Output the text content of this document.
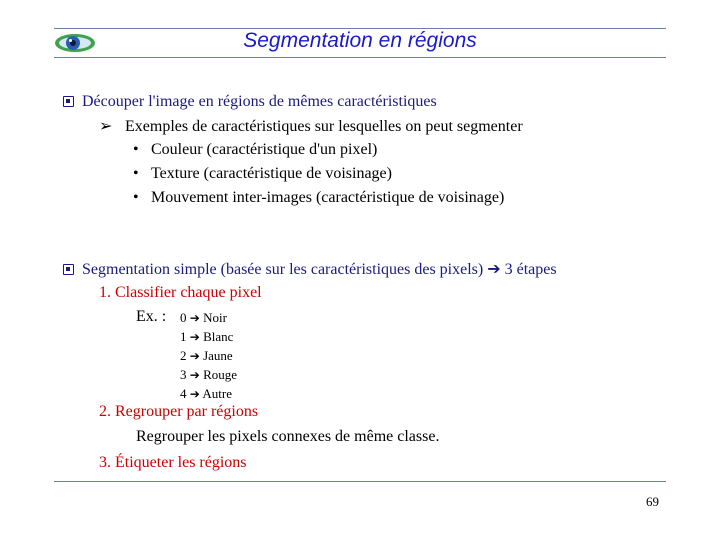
Segmentation en régions
Découper l'image en régions de mêmes caractéristiques
➢ Exemples de caractéristiques sur lesquelles on peut segmenter
• Couleur (caractéristique d'un pixel)
• Texture (caractéristique de voisinage)
• Mouvement inter-images (caractéristique de voisinage)
Segmentation simple (basée sur les caractéristiques des pixels) ➔ 3 étapes
1. Classifier chaque pixel
Ex. : 0 ➔ Noir
1 ➔ Blanc
2 ➔ Jaune
3 ➔ Rouge
4 ➔ Autre
2. Regrouper par régions
Regrouper les pixels connexes de même classe.
3. Étiqueter les régions
69
